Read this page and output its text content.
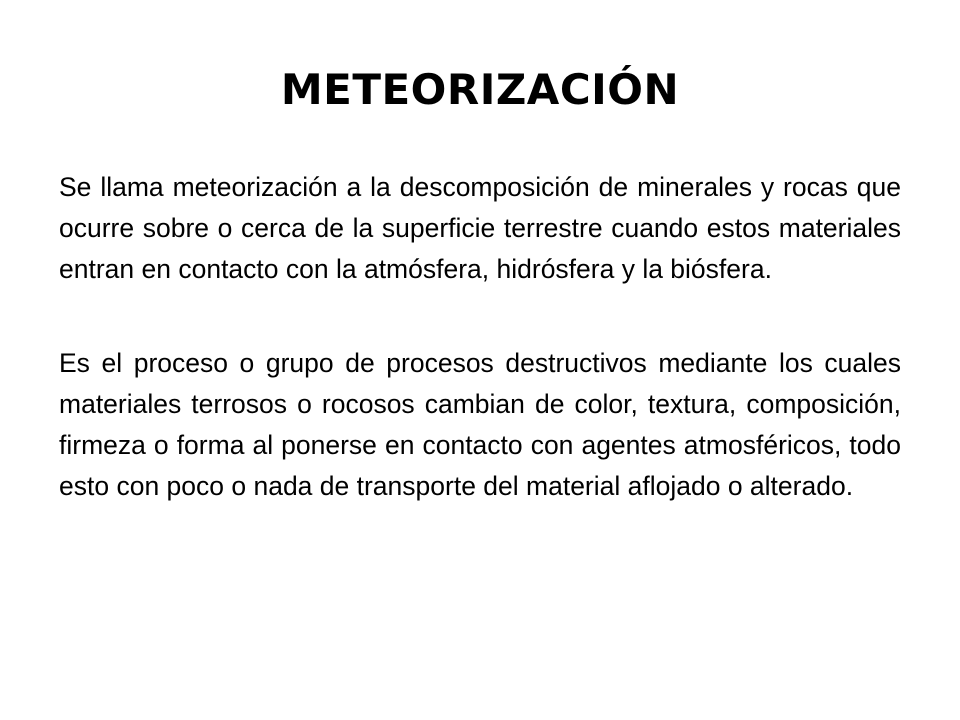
METEORIZACIÓN

Se llama meteorización a la descomposición de minerales y rocas que ocurre sobre o cerca de la superficie terrestre cuando estos materiales entran en contacto con la atmósfera, hidrósfera y la biósfera.

Es el proceso o grupo de procesos destructivos mediante los cuales materiales terrosos o rocosos cambian de color, textura, composición, firmeza o forma al ponerse en contacto con agentes atmosféricos, todo esto con poco o nada de transporte del material aflojado o alterado.
